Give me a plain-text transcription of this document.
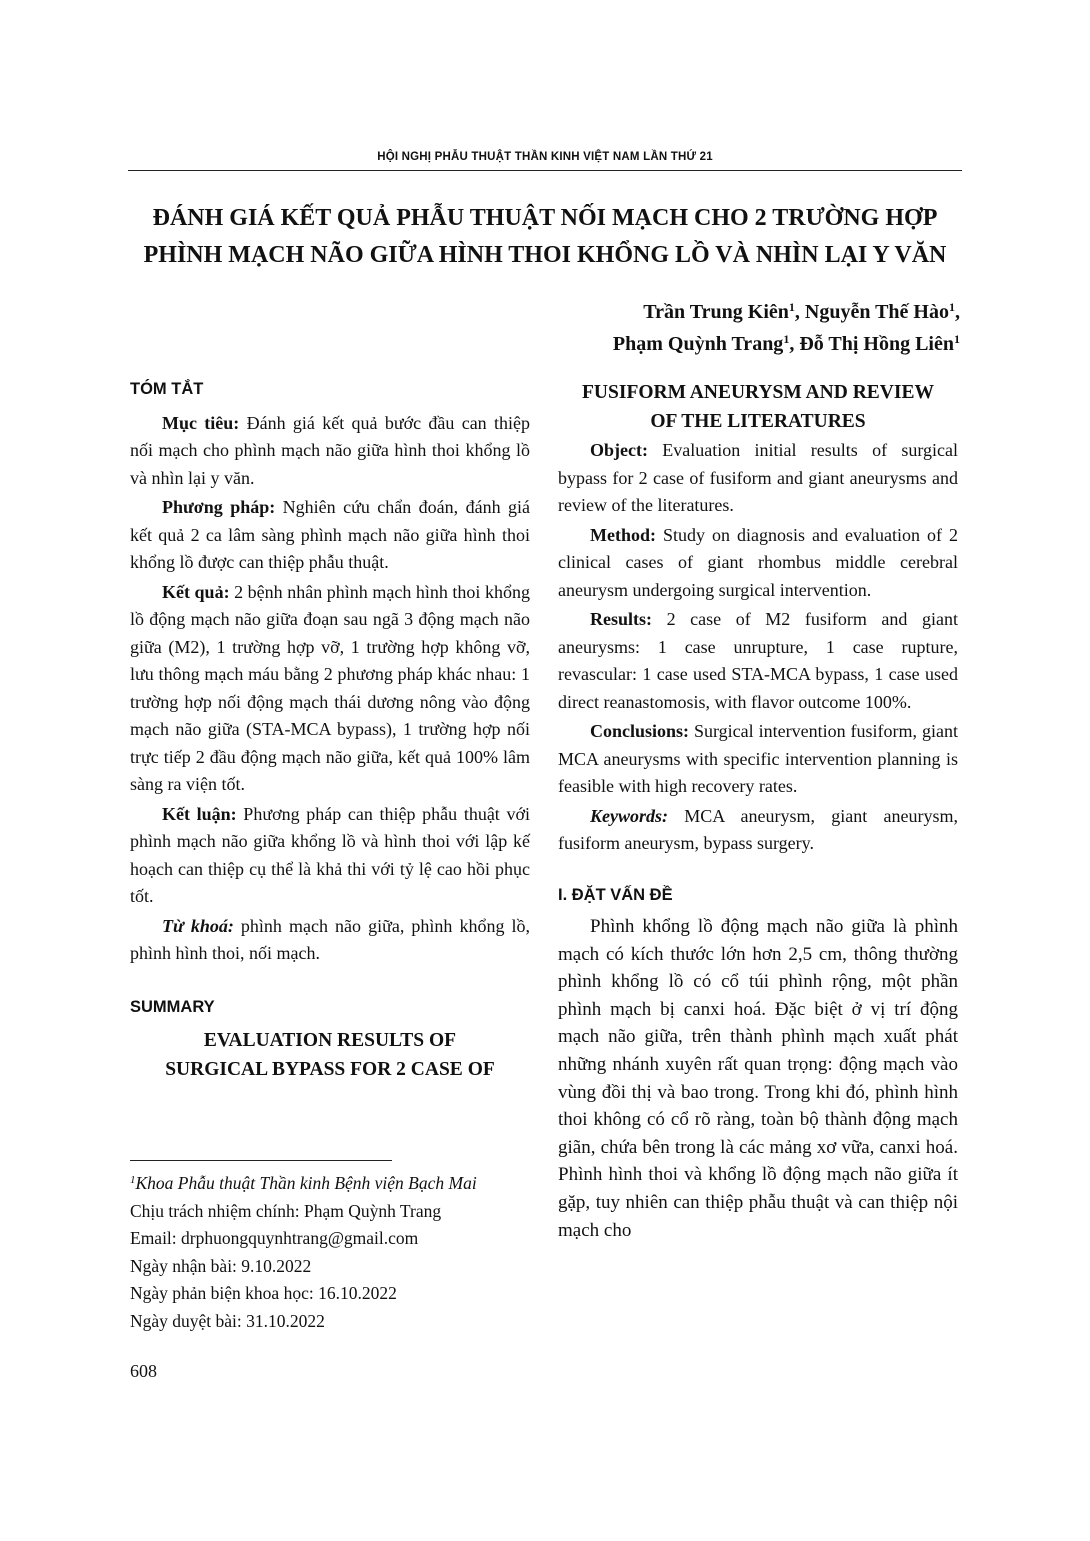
HỘI NGHỊ PHẪU THUẬT THẦN KINH VIỆT NAM LẦN THỨ 21
ĐÁNH GIÁ KẾT QUẢ PHẪU THUẬT NỐI MẠCH CHO 2 TRƯỜNG HỢP
PHÌNH MẠCH NÃO GIỮA HÌNH THOI KHỔNG LỒ VÀ NHÌN LẠI Y VĂN
Trần Trung Kiên$^1$, Nguyễn Thế Hào$^1$,
Phạm Quỳnh Trang$^1$, Đỗ Thị Hồng Liên$^1$
TÓM TẮT

Mục tiêu: Đánh giá kết quả bước đầu can thiệp nối mạch cho phình mạch não giữa hình thoi khổng lồ và nhìn lại y văn.

Phương pháp: Nghiên cứu chẩn đoán, đánh giá kết quả 2 ca lâm sàng phình mạch não giữa hình thoi khổng lồ được can thiệp phẫu thuật.

Kết quả: 2 bệnh nhân phình mạch hình thoi khổng lồ động mạch não giữa đoạn sau ngã 3 động mạch não giữa (M2), 1 trường hợp vỡ, 1 trường hợp không vỡ, lưu thông mạch máu bằng 2 phương pháp khác nhau: 1 trường hợp nối động mạch thái dương nông vào động mạch não giữa (STA-MCA bypass), 1 trường hợp nối trực tiếp 2 đầu động mạch não giữa, kết quả 100% lâm sàng ra viện tốt.

Kết luận: Phương pháp can thiệp phẫu thuật với phình mạch não giữa khổng lồ và hình thoi với lập kế hoạch can thiệp cụ thể là khả thi với tỷ lệ cao hồi phục tốt.

Từ khoá: phình mạch não giữa, phình khổng lồ, phình hình thoi, nối mạch.

SUMMARY
EVALUATION RESULTS OF
SURGICAL BYPASS FOR 2 CASE OF
FUSIFORM ANEURYSM AND REVIEW
OF THE LITERATURES

Object: Evaluation initial results of surgical bypass for 2 case of fusiform and giant aneurysms and review of the literatures.

Method: Study on diagnosis and evaluation of 2 clinical cases of giant rhombus middle cerebral aneurysm undergoing surgical intervention.

Results: 2 case of M2 fusiform and giant aneurysms: 1 case unrupture, 1 case rupture, revascular: 1 case used STA-MCA bypass, 1 case used direct reanastomosis, with flavor outcome 100%.

Conclusions: Surgical intervention fusiform, giant MCA aneurysms with specific intervention planning is feasible with high recovery rates.

Keywords: MCA aneurysm, giant aneurysm, fusiform aneurysm, bypass surgery.

I. ĐẶT VẤN ĐỀ

Phình khổng lồ động mạch não giữa là phình mạch có kích thước lớn hơn 2,5 cm, thông thường phình khổng lồ có cổ túi phình rộng, một phần phình mạch bị canxi hoá. Đặc biệt ở vị trí động mạch não giữa, trên thành phình mạch xuất phát những nhánh xuyên rất quan trọng: động mạch vào vùng đồi thị và bao trong. Trong khi đó, phình hình thoi không có cổ rõ ràng, toàn bộ thành động mạch giãn, chứa bên trong là các mảng xơ vữa, canxi hoá. Phình hình thoi và khổng lồ động mạch não giữa ít gặp, tuy nhiên can thiệp phẫu thuật và can thiệp nội mạch cho

$^1$Khoa Phẫu thuật Thần kinh Bệnh viện Bạch Mai
Chịu trách nhiệm chính: Phạm Quỳnh Trang
Email: drphuongquynhtrang@gmail.com
Ngày nhận bài: 9.10.2022
Ngày phản biện khoa học: 16.10.2022
Ngày duyệt bài: 31.10.2022
608
